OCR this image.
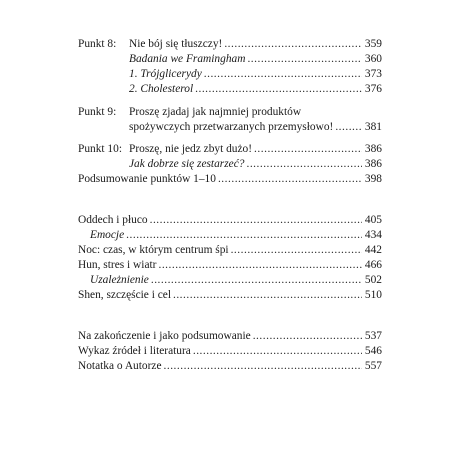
Punkt 8:	Nie bój się tłuszczy! .....	359
Badania we Framingham .....	360
1. Trójglicerydy .....	373
2. Cholesterol .....	376
Punkt 9:	Proszę zjadaj jak najmniej produktów
spożywczych przetwarzanych przemysłowo! .....	381
Punkt 10: Proszę, nie jedz zbyt dużo! .....	386
Jak dobrze się zestarzeć? .....	386
Podsumowanie punktów 1–10 .....	398
Oddech i płuco .....	405
Emocje .....	434
Noc: czas, w którym centrum śpi .....	442
Hun, stres i wiatr .....	466
Uzależnienie .....	502
Shen, szczęście i cel .....	510
Na zakończenie i jako podsumowanie .....	537
Wykaz źródeł i literatura .....	546
Notatka o Autorze .....	557
